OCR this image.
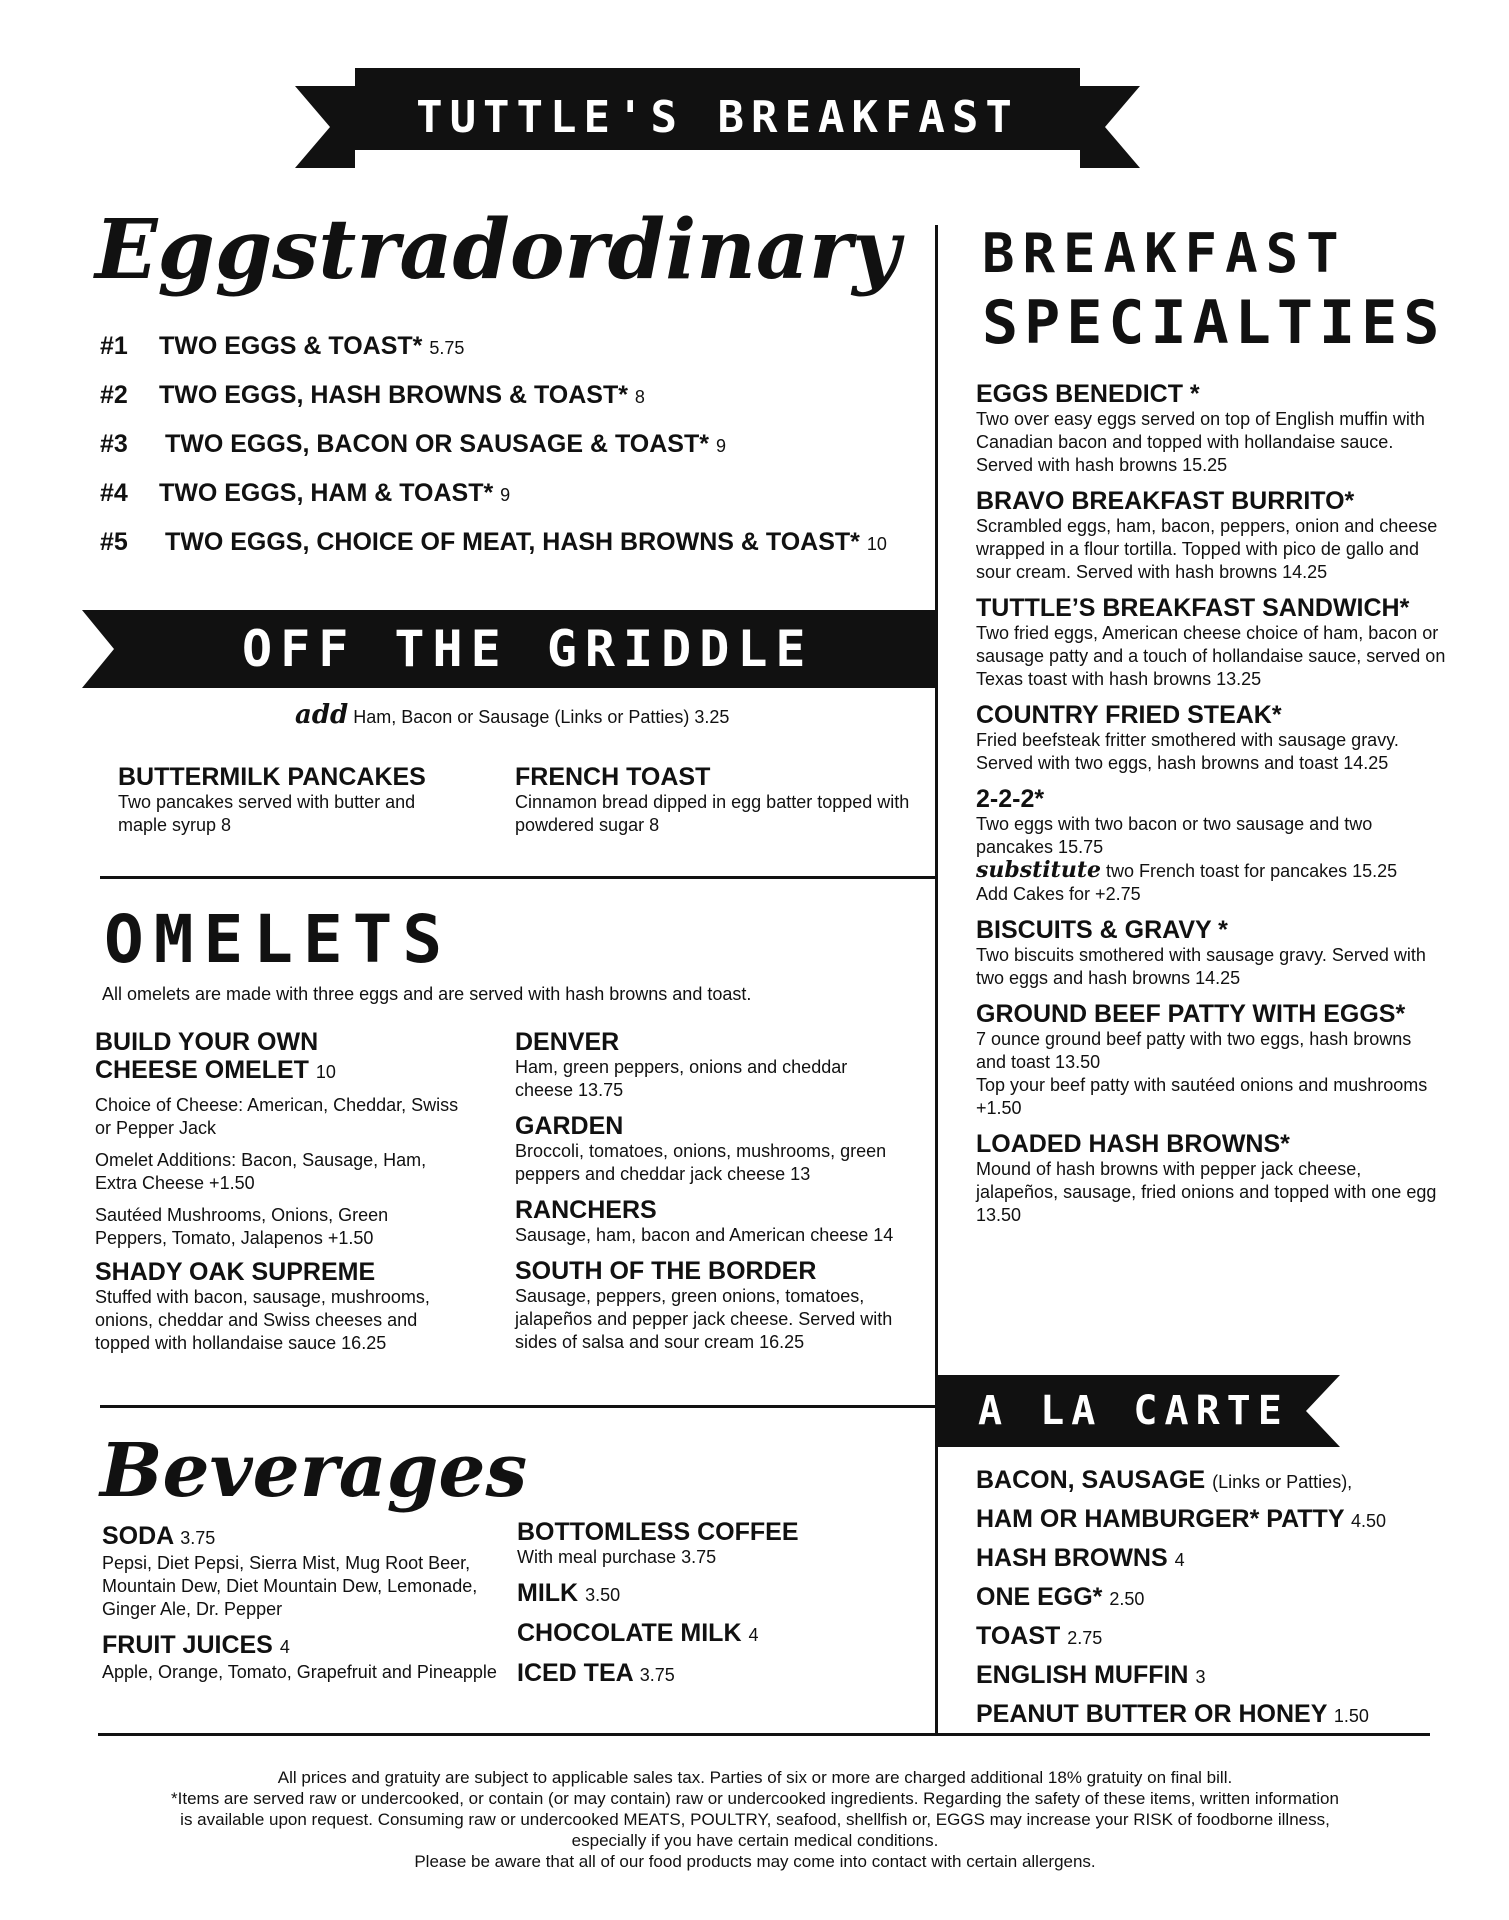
TUTTLE'S BREAKFAST
Eggstradordinary
#1 TWO EGGS & TOAST* 5.75
#2 TWO EGGS, HASH BROWNS & TOAST* 8
#3 TWO EGGS, BACON OR SAUSAGE & TOAST* 9
#4 TWO EGGS, HAM & TOAST* 9
#5 TWO EGGS, CHOICE OF MEAT, HASH BROWNS & TOAST* 10
OFF THE GRIDDLE
add Ham, Bacon or Sausage (Links or Patties) 3.25
BUTTERMILK PANCAKES
Two pancakes served with butter and maple syrup 8
FRENCH TOAST
Cinnamon bread dipped in egg batter topped with powdered sugar 8
OMELETS
All omelets are made with three eggs and are served with hash browns and toast.
BUILD YOUR OWN
CHEESE OMELET 10
Choice of Cheese: American, Cheddar, Swiss or Pepper Jack
Omelet Additions: Bacon, Sausage, Ham, Extra Cheese +1.50
Sautéed Mushrooms, Onions, Green Peppers, Tomato, Jalapenos +1.50
SHADY OAK SUPREME
Stuffed with bacon, sausage, mushrooms, onions, cheddar and Swiss cheeses and topped with hollandaise sauce 16.25
DENVER
Ham, green peppers, onions and cheddar cheese 13.75
GARDEN
Broccoli, tomatoes, onions, mushrooms, green peppers and cheddar jack cheese 13
RANCHERS
Sausage, ham, bacon and American cheese 14
SOUTH OF THE BORDER
Sausage, peppers, green onions, tomatoes, jalapeños and pepper jack cheese. Served with sides of salsa and sour cream 16.25
BREAKFAST
SPECIALTIES
EGGS BENEDICT *
Two over easy eggs served on top of English muffin with Canadian bacon and topped with hollandaise sauce. Served with hash browns 15.25
BRAVO BREAKFAST BURRITO*
Scrambled eggs, ham, bacon, peppers, onion and cheese wrapped in a flour tortilla. Topped with pico de gallo and sour cream. Served with hash browns 14.25
TUTTLE’S BREAKFAST SANDWICH*
Two fried eggs, American cheese choice of ham, bacon or sausage patty and a touch of hollandaise sauce, served on Texas toast with hash browns 13.25
COUNTRY FRIED STEAK*
Fried beefsteak fritter smothered with sausage gravy. Served with two eggs, hash browns and toast 14.25
2-2-2*
Two eggs with two bacon or two sausage and two pancakes 15.75
substitute two French toast for pancakes 15.25
Add Cakes for +2.75
BISCUITS & GRAVY *
Two biscuits smothered with sausage gravy. Served with two eggs and hash browns 14.25
GROUND BEEF PATTY WITH EGGS*
7 ounce ground beef patty with two eggs, hash browns and toast 13.50
Top your beef patty with sautéed onions and mushrooms +1.50
LOADED HASH BROWNS*
Mound of hash browns with pepper jack cheese, jalapeños, sausage, fried onions and topped with one egg 13.50
A LA CARTE
BACON, SAUSAGE (Links or Patties),
HAM OR HAMBURGER* PATTY 4.50
HASH BROWNS 4
ONE EGG* 2.50
TOAST 2.75
ENGLISH MUFFIN 3
PEANUT BUTTER OR HONEY 1.50
Beverages
SODA 3.75
Pepsi, Diet Pepsi, Sierra Mist, Mug Root Beer, Mountain Dew, Diet Mountain Dew, Lemonade, Ginger Ale, Dr. Pepper
FRUIT JUICES 4
Apple, Orange, Tomato, Grapefruit and Pineapple
BOTTOMLESS COFFEE
With meal purchase 3.75
MILK 3.50
CHOCOLATE MILK 4
ICED TEA 3.75
All prices and gratuity are subject to applicable sales tax. Parties of six or more are charged additional 18% gratuity on final bill.
*Items are served raw or undercooked, or contain (or may contain) raw or undercooked ingredients. Regarding the safety of these items, written information is available upon request. Consuming raw or undercooked MEATS, POULTRY, seafood, shellfish or, EGGS may increase your RISK of foodborne illness, especially if you have certain medical conditions.
Please be aware that all of our food products may come into contact with certain allergens.
